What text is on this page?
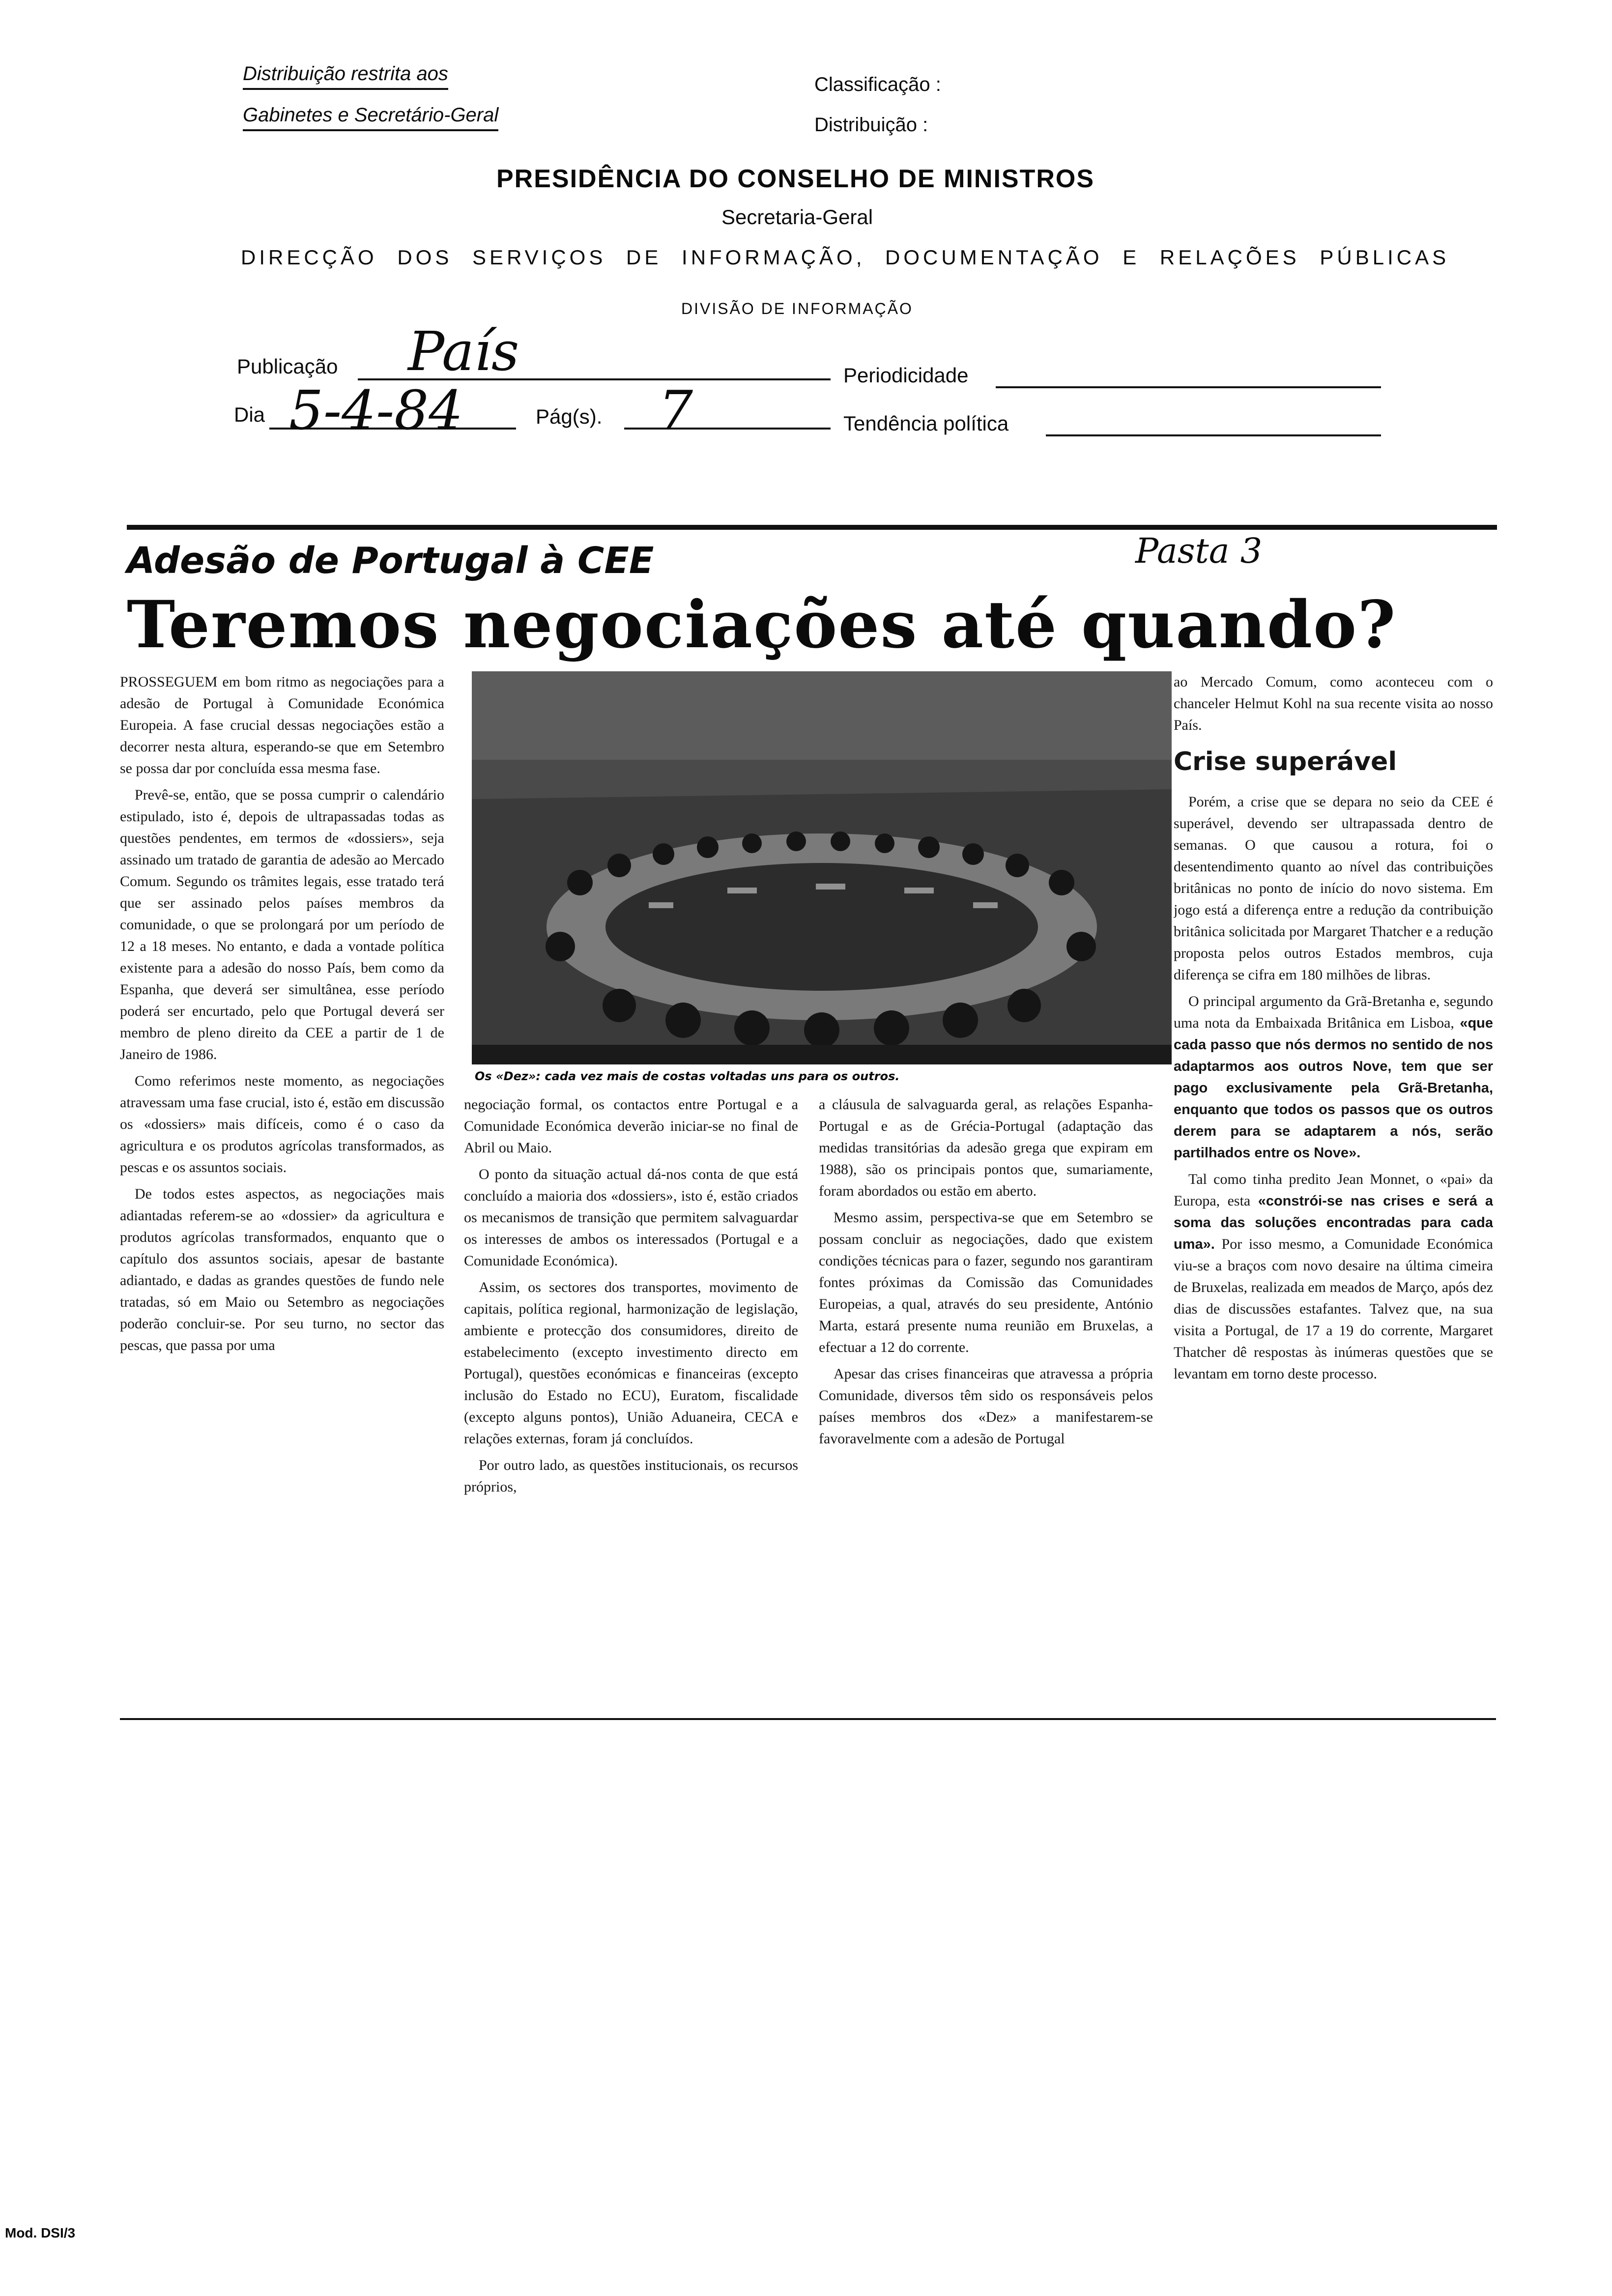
Distribuição restrita aos
Gabinetes e Secretário-Geral
Classificação :
Distribuição :
PRESIDÊNCIA DO CONSELHO DE MINISTROS
Secretaria-Geral
DIRECÇÃO DOS SERVIÇOS DE INFORMAÇÃO, DOCUMENTAÇÃO E RELAÇÕES PÚBLICAS
DIVISÃO DE INFORMAÇÃO
Publicação País	Periodicidade
Dia 5-4-84	Pág(s). 7	Tendência política
Adesão de Portugal à CEE	Pasta 3
Teremos negociações até quando?

PROSSEGUEM em bom ritmo as negociações para a adesão de Portugal à Comunidade Económica Europeia. A fase crucial dessas negociações estão a decorrer nesta altura, esperando-se que em Setembro se possa dar por concluída essa mesma fase.

Prevê-se, então, que se possa cumprir o calendário estipulado, isto é, depois de ultrapassadas todas as questões pendentes, em termos de «dossiers», seja assinado um tratado de garantia de adesão ao Mercado Comum. Segundo os trâmites legais, esse tratado terá que ser assinado pelos países membros da comunidade, o que se prolongará por um período de 12 a 18 meses. No entanto, e dada a vontade política existente para a adesão do nosso País, bem como da Espanha, que deverá ser simultânea, esse período poderá ser encurtado, pelo que Portugal deverá ser membro de pleno direito da CEE a partir de 1 de Janeiro de 1986.

Como referimos neste momento, as negociações atravessam uma fase crucial, isto é, estão em discussão os «dossiers» mais difíceis, como é o caso da agricultura e os produtos agrícolas transformados, as pescas e os assuntos sociais.

De todos estes aspectos, as negociações mais adiantadas referem-se ao «dossier» da agricultura e produtos agrícolas transformados, enquanto que o capítulo dos assuntos sociais, apesar de bastante adiantado, e dadas as grandes questões de fundo nele tratadas, só em Maio ou Setembro as negociações poderão concluir-se. Por seu turno, no sector das pescas, que passa por uma

Os «Dez»: cada vez mais de costas voltadas uns para os outros.

negociação formal, os contactos entre Portugal e a Comunidade Económica deverão iniciar-se no final de Abril ou Maio.

O ponto da situação actual dá-nos conta de que está concluído a maioria dos «dossiers», isto é, estão criados os mecanismos de transição que permitem salvaguardar os interesses de ambos os interessados (Portugal e a Comunidade Económica).

Assim, os sectores dos transportes, movimento de capitais, política regional, harmonização de legislação, ambiente e protecção dos consumidores, direito de estabelecimento (excepto investimento directo em Portugal), questões económicas e financeiras (excepto inclusão do Estado no ECU), Euratom, fiscalidade (excepto alguns pontos), União Aduaneira, CECA e relações externas, foram já concluídos.

Por outro lado, as questões institucionais, os recursos próprios,

a cláusula de salvaguarda geral, as relações Espanha-Portugal e as de Grécia-Portugal (adaptação das medidas transitórias da adesão grega que expiram em 1988), são os principais pontos que, sumariamente, foram abordados ou estão em aberto.

Mesmo assim, perspectiva-se que em Setembro se possam concluir as negociações, dado que existem condições técnicas para o fazer, segundo nos garantiram fontes próximas da Comissão das Comunidades Europeias, a qual, através do seu presidente, António Marta, estará presente numa reunião em Bruxelas, a efectuar a 12 do corrente.

Apesar das crises financeiras que atravessa a própria Comunidade, diversos têm sido os responsáveis pelos países membros dos «Dez» a manifestarem-se favoravelmente com a adesão de Portugal

ao Mercado Comum, como aconteceu com o chanceler Helmut Kohl na sua recente visita ao nosso País.

Crise superável

Porém, a crise que se depara no seio da CEE é superável, devendo ser ultrapassada dentro de semanas. O que causou a rotura, foi o desentendimento quanto ao nível das contribuições britânicas no ponto de início do novo sistema. Em jogo está a diferença entre a redução da contribuição britânica solicitada por Margaret Thatcher e a redução proposta pelos outros Estados membros, cuja diferença se cifra em 180 milhões de libras.

O principal argumento da Grã-Bretanha e, segundo uma nota da Embaixada Britânica em Lisboa, «que cada passo que nós dermos no sentido de nos adaptarmos aos outros Nove, tem que ser pago exclusivamente pela Grã-Bretanha, enquanto que todos os passos que os outros derem para se adaptarem a nós, serão partilhados entre os Nove».

Tal como tinha predito Jean Monnet, o «pai» da Europa, esta «constrói-se nas crises e será a soma das soluções encontradas para cada uma». Por isso mesmo, a Comunidade Económica viu-se a braços com novo desaire na última cimeira de Bruxelas, realizada em meados de Março, após dez dias de discussões estafantes. Talvez que, na sua visita a Portugal, de 17 a 19 do corrente, Margaret Thatcher dê respostas às inúmeras questões que se levantam em torno deste processo.

Mod. DSI/3
